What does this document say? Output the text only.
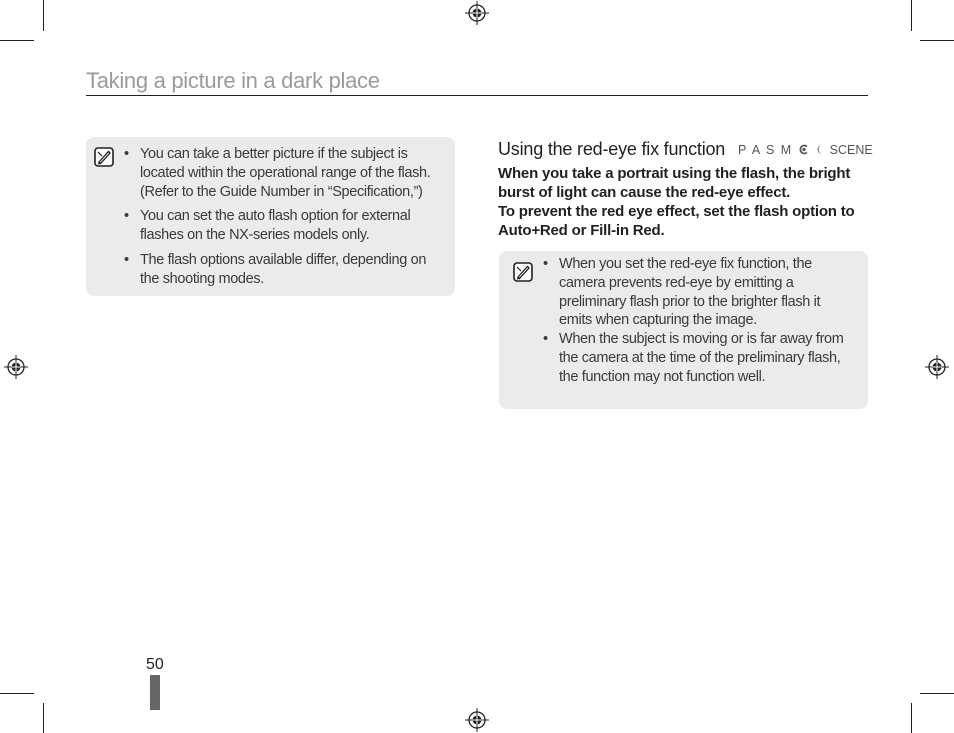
Taking a picture in a dark place
• You can take a better picture if the subject is located within the operational range of the flash. (Refer to the Guide Number in “Specification,”)
• You can set the auto flash option for external flashes on the NX-series models only.
• The flash options available differ, depending on the shooting modes.
Using the red-eye fix function P A S M	SCENE

When you take a portrait using the flash, the bright burst of light can cause the red-eye effect.

To prevent the red eye effect, set the flash option to Auto+Red or Fill-in Red.

• When you set the red-eye fix function, the camera prevents red-eye by emitting a preliminary flash prior to the brighter flash it emits when capturing the image.
• When the subject is moving or is far away from the camera at the time of the preliminary flash, the function may not function well.
50
